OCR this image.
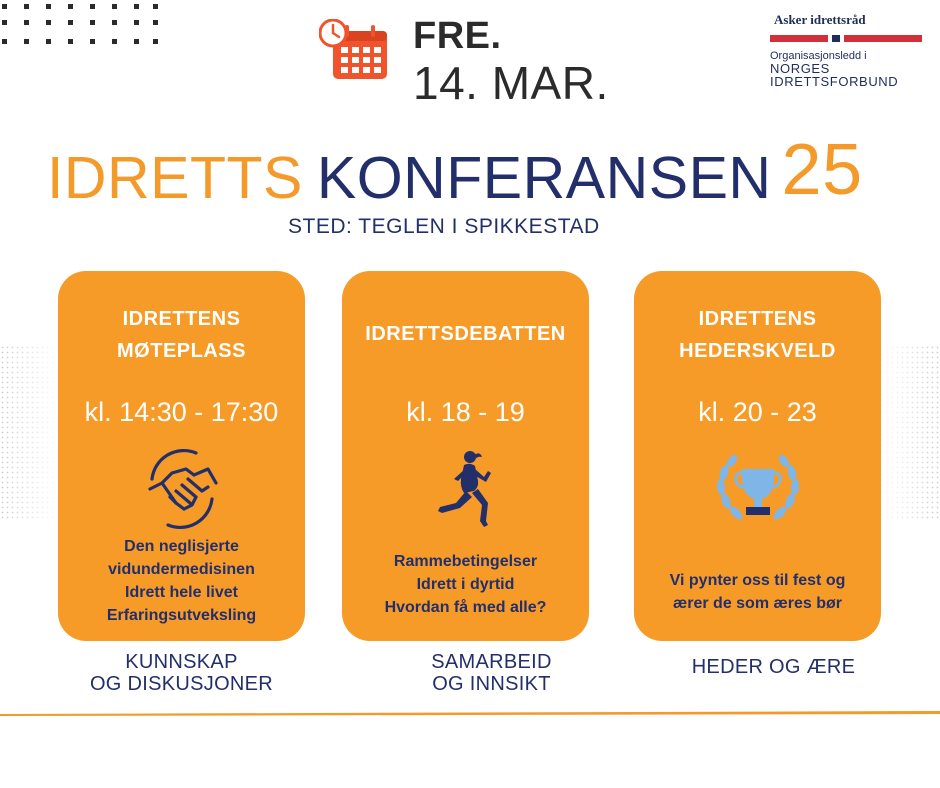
FRE.
14. MAR.
Asker idrettsråd
Organisasjonsledd i
NORGES
IDRETTSFORBUND
IDRETTS KONFERANSEN 25
STED: TEGLEN I SPIKKESTAD
IDRETTENS
MØTEPLASS
kl. 14:30 - 17:30
Den neglisjerte
vidundermedisinen
Idrett hele livet
Erfaringsutveksling
IDRETTSDEBATTEN
kl. 18 - 19
Rammebetingelser
Idrett i dyrtid
Hvordan få med alle?
IDRETTENS
HEDERSKVELD
kl. 20 - 23
Vi pynter oss til fest og
ærer de som æres bør
KUNNSKAP
OG DISKUSJONER
SAMARBEID
OG INNSIKT
HEDER OG ÆRE
